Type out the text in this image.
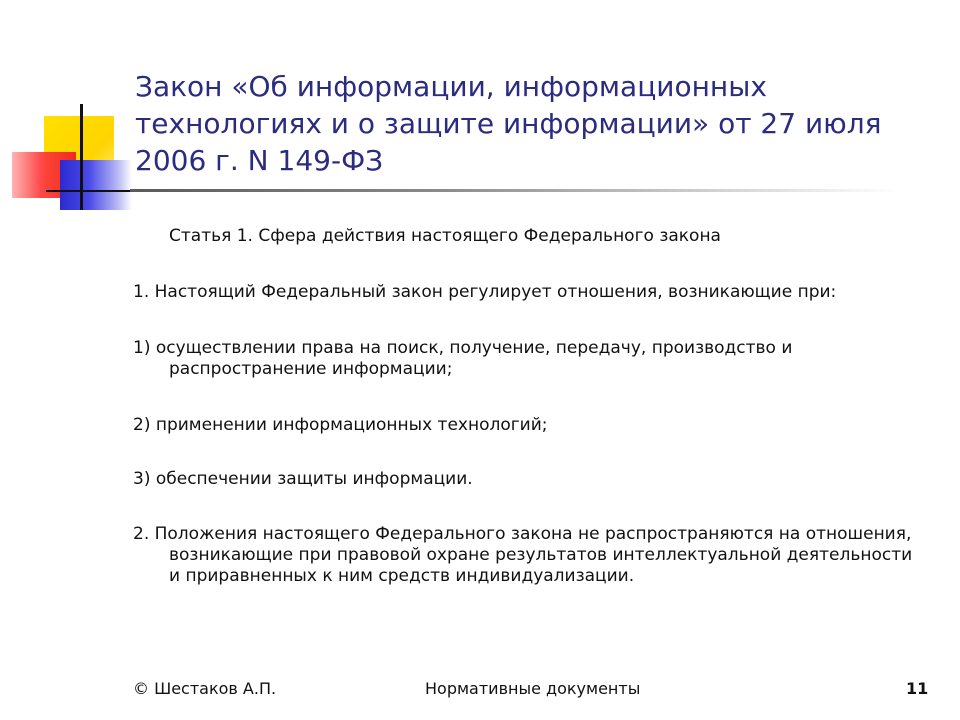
Закон «Об информации, информационных технологиях и о защите информации» от 27 июля 2006 г. N 149-ФЗ

Статья 1. Сфера действия настоящего Федерального закона

1. Настоящий Федеральный закон регулирует отношения, возникающие при:

1) осуществлении права на поиск, получение, передачу, производство и распространение информации;

2) применении информационных технологий;

3) обеспечении защиты информации.

2. Положения настоящего Федерального закона не распространяются на отношения, возникающие при правовой охране результатов интеллектуальной деятельности и приравненных к ним средств индивидуализации.

© Шестаков А.П.	Нормативные документы	11
